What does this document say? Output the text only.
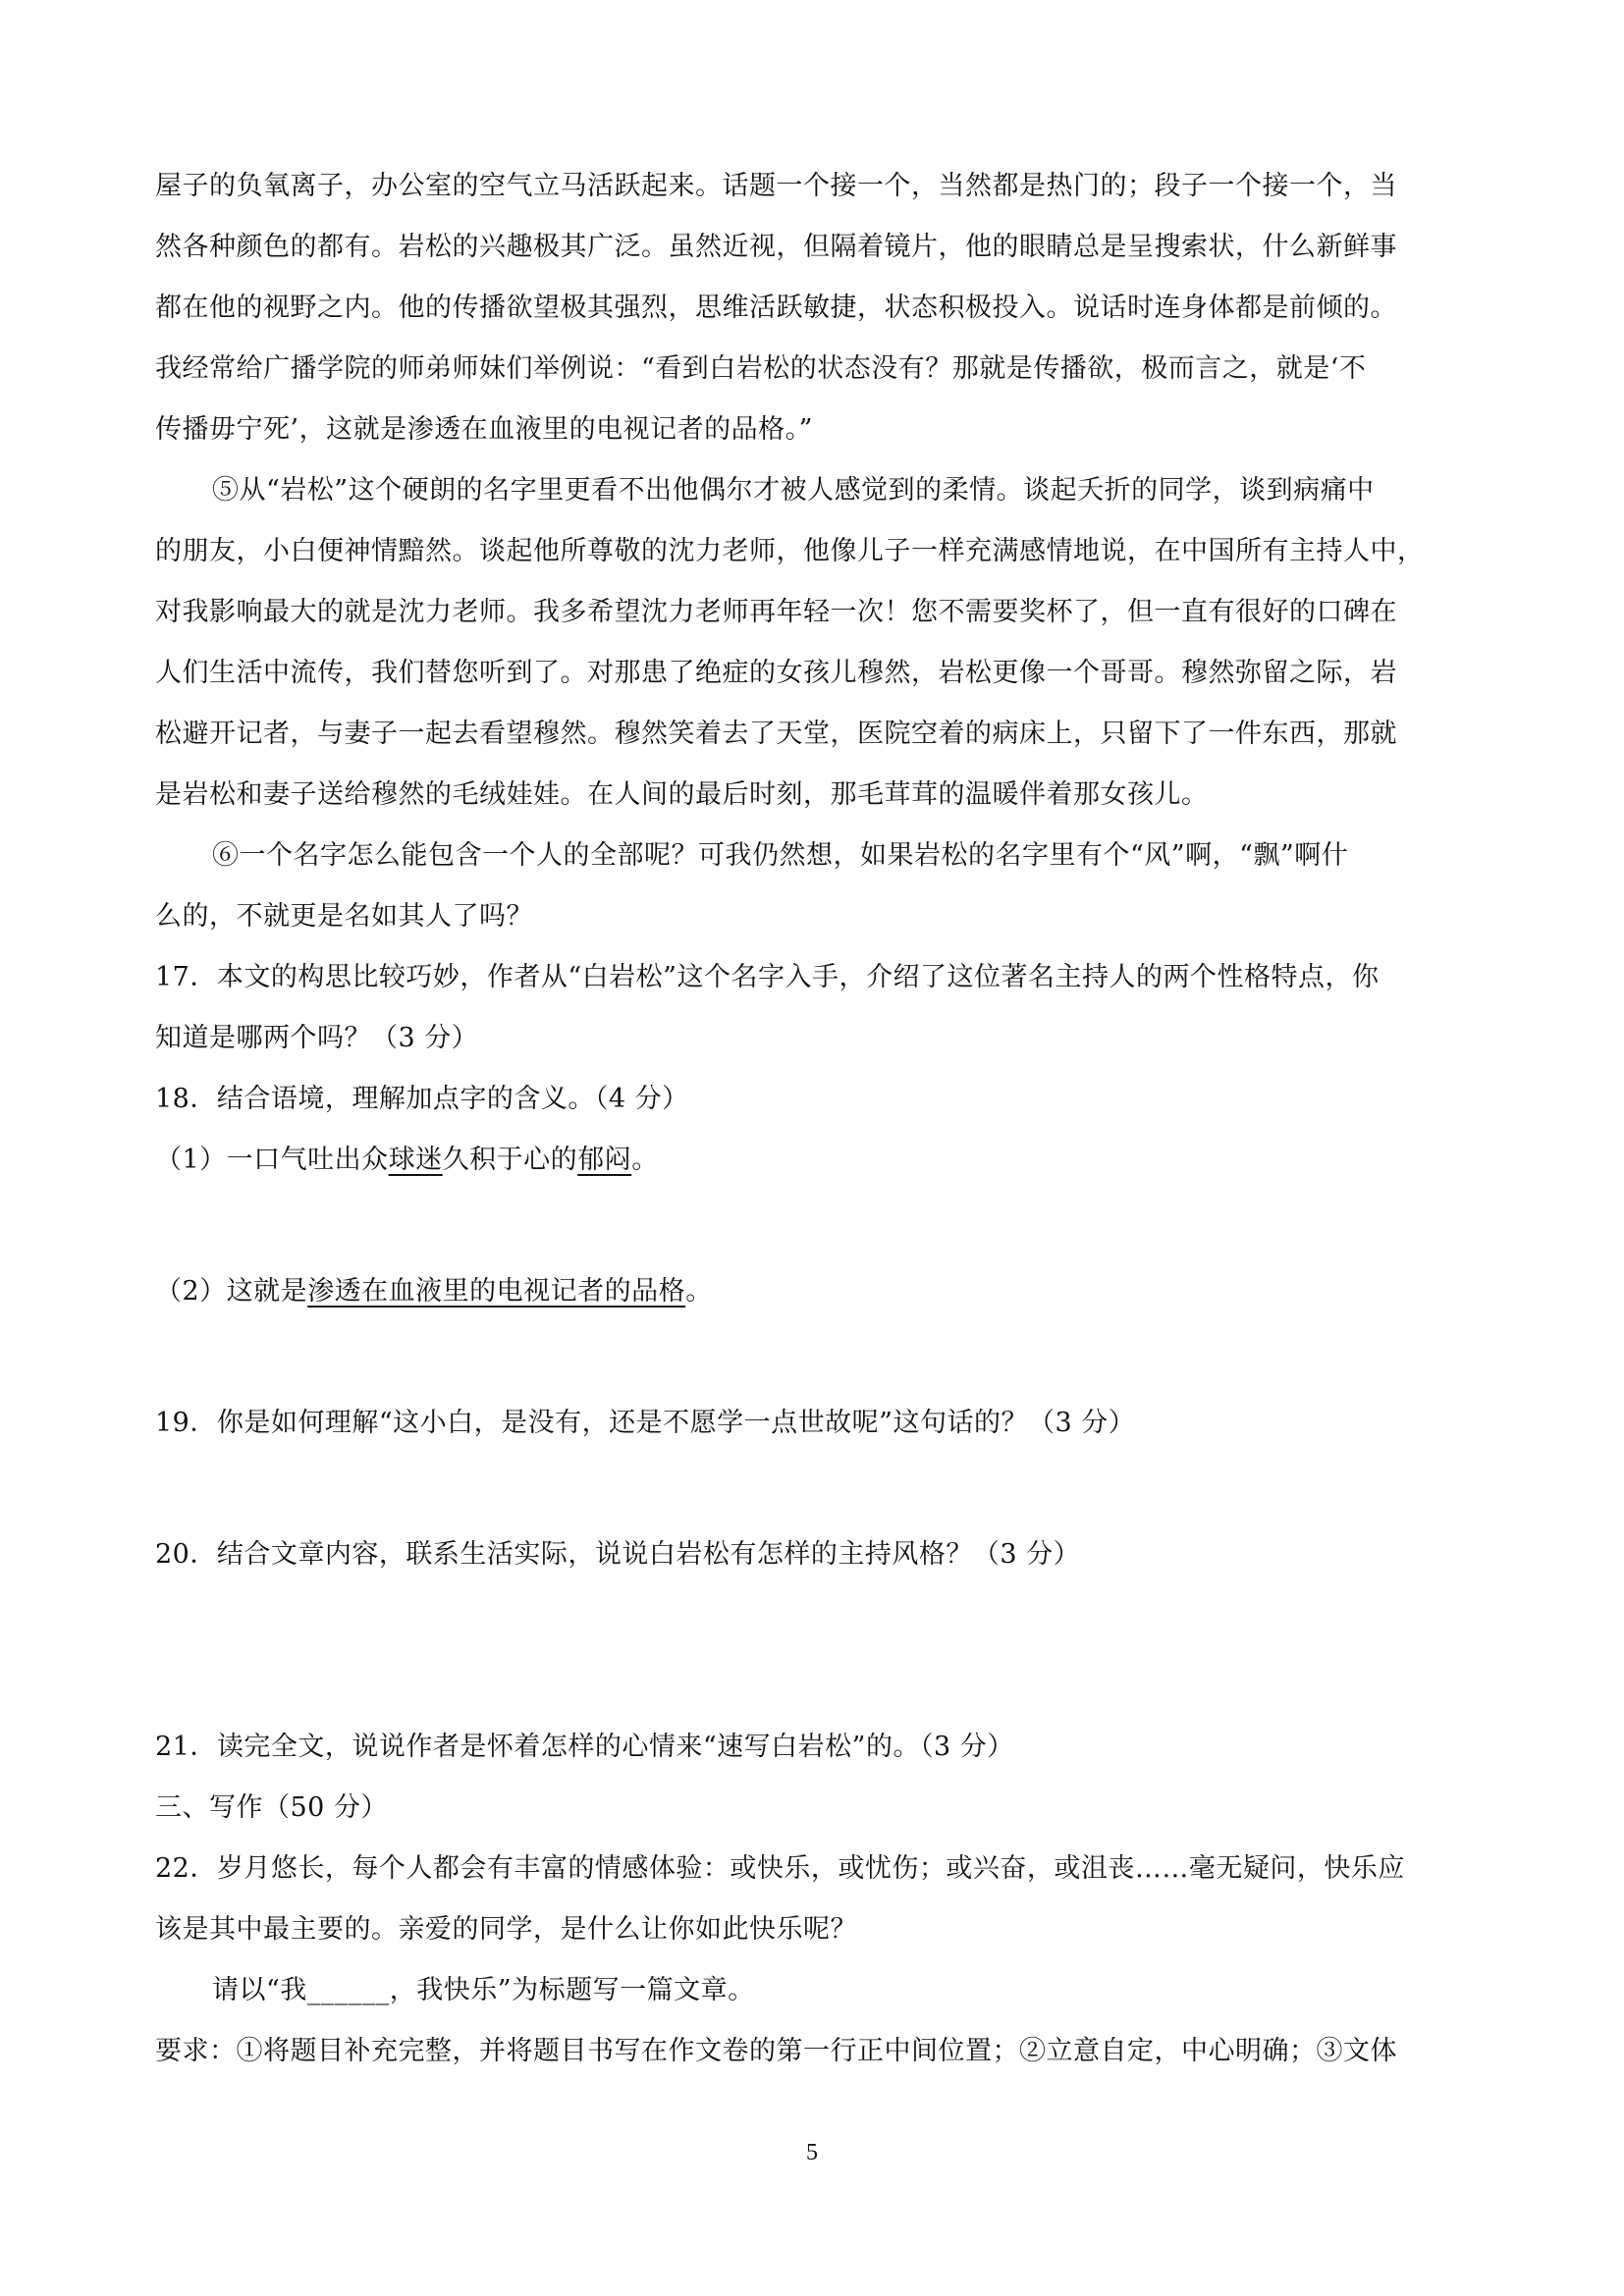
屋子的负氧离子，办公室的空气立马活跃起来。话题一个接一个，当然都是热门的；段子一个接一个，当
然各种颜色的都有。岩松的兴趣极其广泛。虽然近视，但隔着镜片，他的眼睛总是呈搜索状，什么新鲜事
都在他的视野之内。他的传播欲望极其强烈，思维活跃敏捷，状态积极投入。说话时连身体都是前倾的。
我经常给广播学院的师弟师妹们举例说：“看到白岩松的状态没有？那就是传播欲，极而言之，就是‘不
传播毋宁死’，这就是渗透在血液里的电视记者的品格。”
⑤从“岩松”这个硬朗的名字里更看不出他偶尔才被人感觉到的柔情。谈起夭折的同学，谈到病痛中
的朋友，小白便神情黯然。谈起他所尊敬的沈力老师，他像儿子一样充满感情地说，在中国所有主持人中，
对我影响最大的就是沈力老师。我多希望沈力老师再年轻一次！您不需要奖杯了，但一直有很好的口碑在
人们生活中流传，我们替您听到了。对那患了绝症的女孩儿穆然，岩松更像一个哥哥。穆然弥留之际，岩
松避开记者，与妻子一起去看望穆然。穆然笑着去了天堂，医院空着的病床上，只留下了一件东西，那就
是岩松和妻子送给穆然的毛绒娃娃。在人间的最后时刻，那毛茸茸的温暖伴着那女孩儿。
⑥一个名字怎么能包含一个人的全部呢？可我仍然想，如果岩松的名字里有个“风”啊，“飘”啊什
么的，不就更是名如其人了吗？
17．本文的构思比较巧妙，作者从“白岩松”这个名字入手，介绍了这位著名主持人的两个性格特点，你
知道是哪两个吗？（3 分）
18．结合语境，理解加点字的含义。（4 分）
（1）一口气吐出众球迷久积于心的郁闷。
（2）这就是渗透在血液里的电视记者的品格。
19．你是如何理解“这小白，是没有，还是不愿学一点世故呢”这句话的？（3 分）
20．结合文章内容，联系生活实际，说说白岩松有怎样的主持风格？（3 分）
21．读完全文，说说作者是怀着怎样的心情来“速写白岩松”的。（3 分）
三、写作（50 分）
22．岁月悠长，每个人都会有丰富的情感体验：或快乐，或忧伤；或兴奋，或沮丧……毫无疑问，快乐应
该是其中最主要的。亲爱的同学，是什么让你如此快乐呢？
请以“我______，我快乐”为标题写一篇文章。
要求：①将题目补充完整，并将题目书写在作文卷的第一行正中间位置；②立意自定，中心明确；③文体
5
